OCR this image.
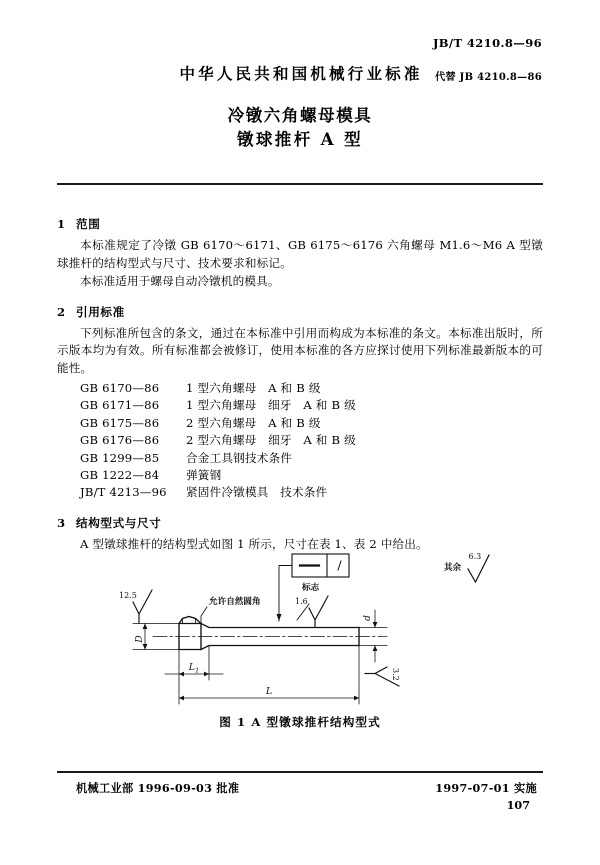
中华人民共和国机械行业标准
冷镦六角螺母模具
镦球推杆 A 型
JB/T 4210.8—96
代替 JB 4210.8—86
1 范围

本标准规定了冷镦 GB 6170～6171、GB 6175～6176 六角螺母 M1.6～M6 A 型镦球推杆的结构型式与尺寸、技术要求和标记。

本标准适用于螺母自动冷镦机的模具。

2 引用标准

下列标准所包含的条文，通过在本标准中引用而构成为本标准的条文。本标准出版时，所示版本均为有效。所有标准都会被修订，使用本标准的各方应探讨使用下列标准最新版本的可能性。

GB 6170—86	1 型六角螺母   A 和 B 级
GB 6171—86	1 型六角螺母   细牙   A 和 B 级
GB 6175—86	2 型六角螺母   A 和 B 级
GB 6176—86	2 型六角螺母   细牙   A 和 B 级
GB 1299—85	合金工具钢技术条件
GB 1222—84	弹簧钢
JB/T 4213—96	紧固件冷镦模具   技术条件
3 结构型式与尺寸

A 型镦球推杆的结构型式如图 1 所示，尺寸在表 1、表 2 中给出。

其余
6.3
12.5
允许自然圆角
标志
1.6
3.2
D
d
$L_1$
L
图 1 A 型镦球推杆结构型式
机械工业部 1996-09-03 批准	1997-07-01 实施
107
